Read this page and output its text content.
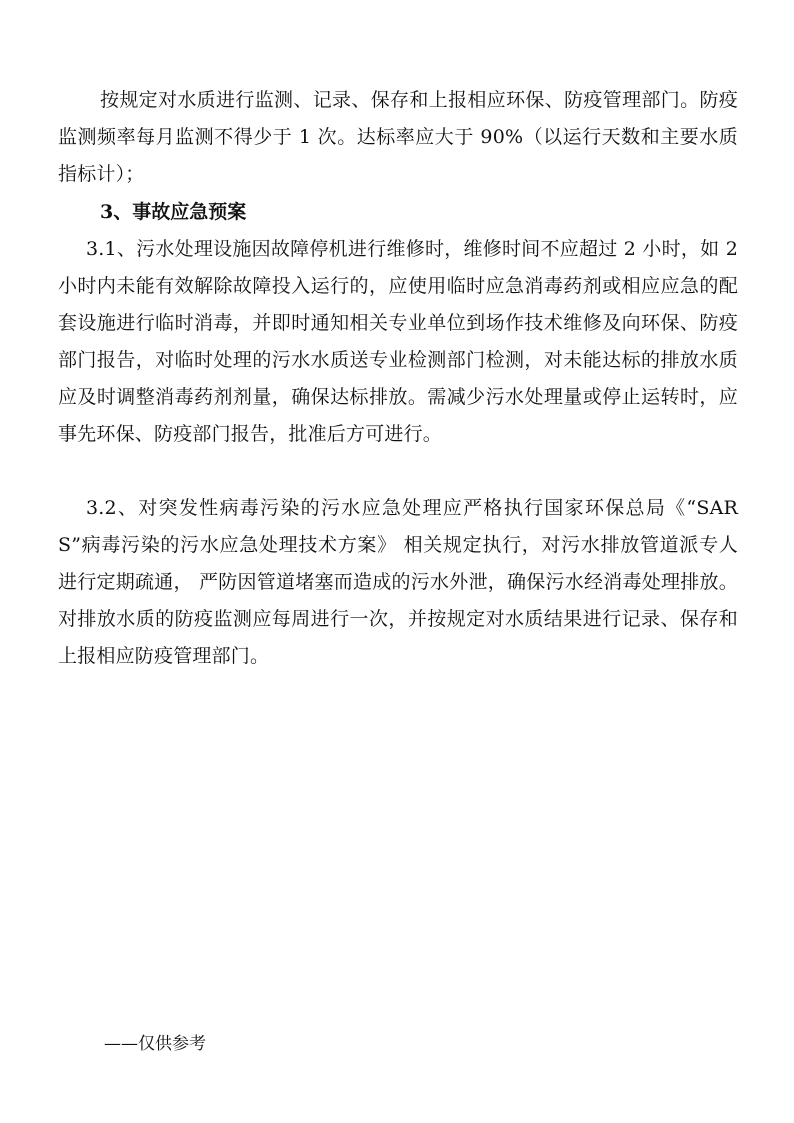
按规定对水质进行监测、记录、保存和上报相应环保、防疫管理部门。防疫监测频率每月监测不得少于 1 次。达标率应大于 90%（以运行天数和主要水质指标计）；
3、事故应急预案
3.1、污水处理设施因故障停机进行维修时，维修时间不应超过 2 小时，如 2 小时内未能有效解除故障投入运行的，应使用临时应急消毒药剂或相应应急的配套设施进行临时消毒，并即时通知相关专业单位到场作技术维修及向环保、防疫部门报告，对临时处理的污水水质送专业检测部门检测，对未能达标的排放水质应及时调整消毒药剂剂量，确保达标排放。需减少污水处理量或停止运转时，应事先环保、防疫部门报告，批准后方可进行。
3.2、对突发性病毒污染的污水应急处理应严格执行国家环保总局《“SARS”病毒污染的污水应急处理技术方案》 相关规定执行，对污水排放管道派专人进行定期疏通， 严防因管道堵塞而造成的污水外泄，确保污水经消毒处理排放。对排放水质的防疫监测应每周进行一次，并按规定对水质结果进行记录、保存和上报相应防疫管理部门。
——仅供参考
